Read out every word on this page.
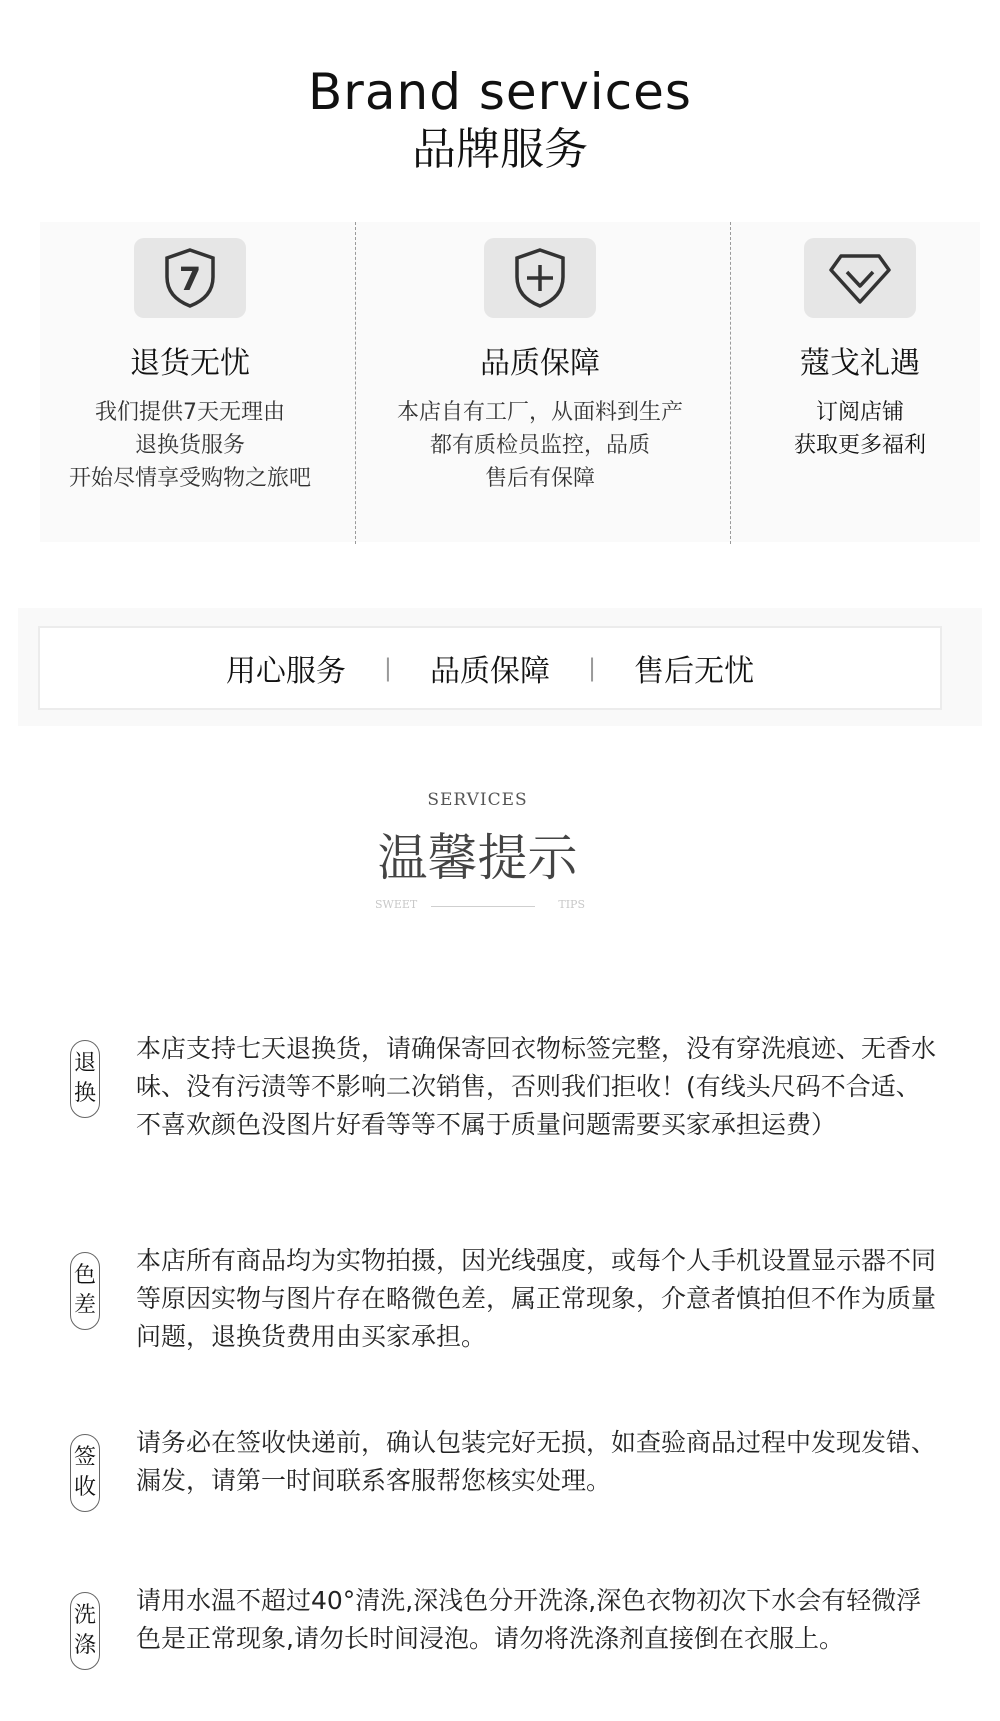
Brand services
品牌服务
7
退货无忧
我们提供7天无理由
退换货服务
开始尽情享受购物之旅吧
品质保障
本店自有工厂，从面料到生产
都有质检员监控，品质
售后有保障
蔻戈礼遇
订阅店铺
获取更多福利
用心服务 | 品质保障 | 售后无忧
SERVICES
温馨提示
SWEET	TIPS
退
换
本店支持七天退换货，请确保寄回衣物标签完整，没有穿洗痕迹、无香水味、没有污渍等不影响二次销售，否则我们拒收！(有线头尺码不合适、不喜欢颜色没图片好看等等不属于质量问题需要买家承担运费）
色
差
本店所有商品均为实物拍摄，因光线强度，或每个人手机设置显示器不同等原因实物与图片存在略微色差，属正常现象，介意者慎拍但不作为质量问题，退换货费用由买家承担。
签
收
请务必在签收快递前，确认包装完好无损，如查验商品过程中发现发错、漏发，请第一时间联系客服帮您核实处理。
洗
涤
请用水温不超过40°清洗,深浅色分开洗涤,深色衣物初次下水会有轻微浮色是正常现象,请勿长时间浸泡。请勿将洗涤剂直接倒在衣服上。
